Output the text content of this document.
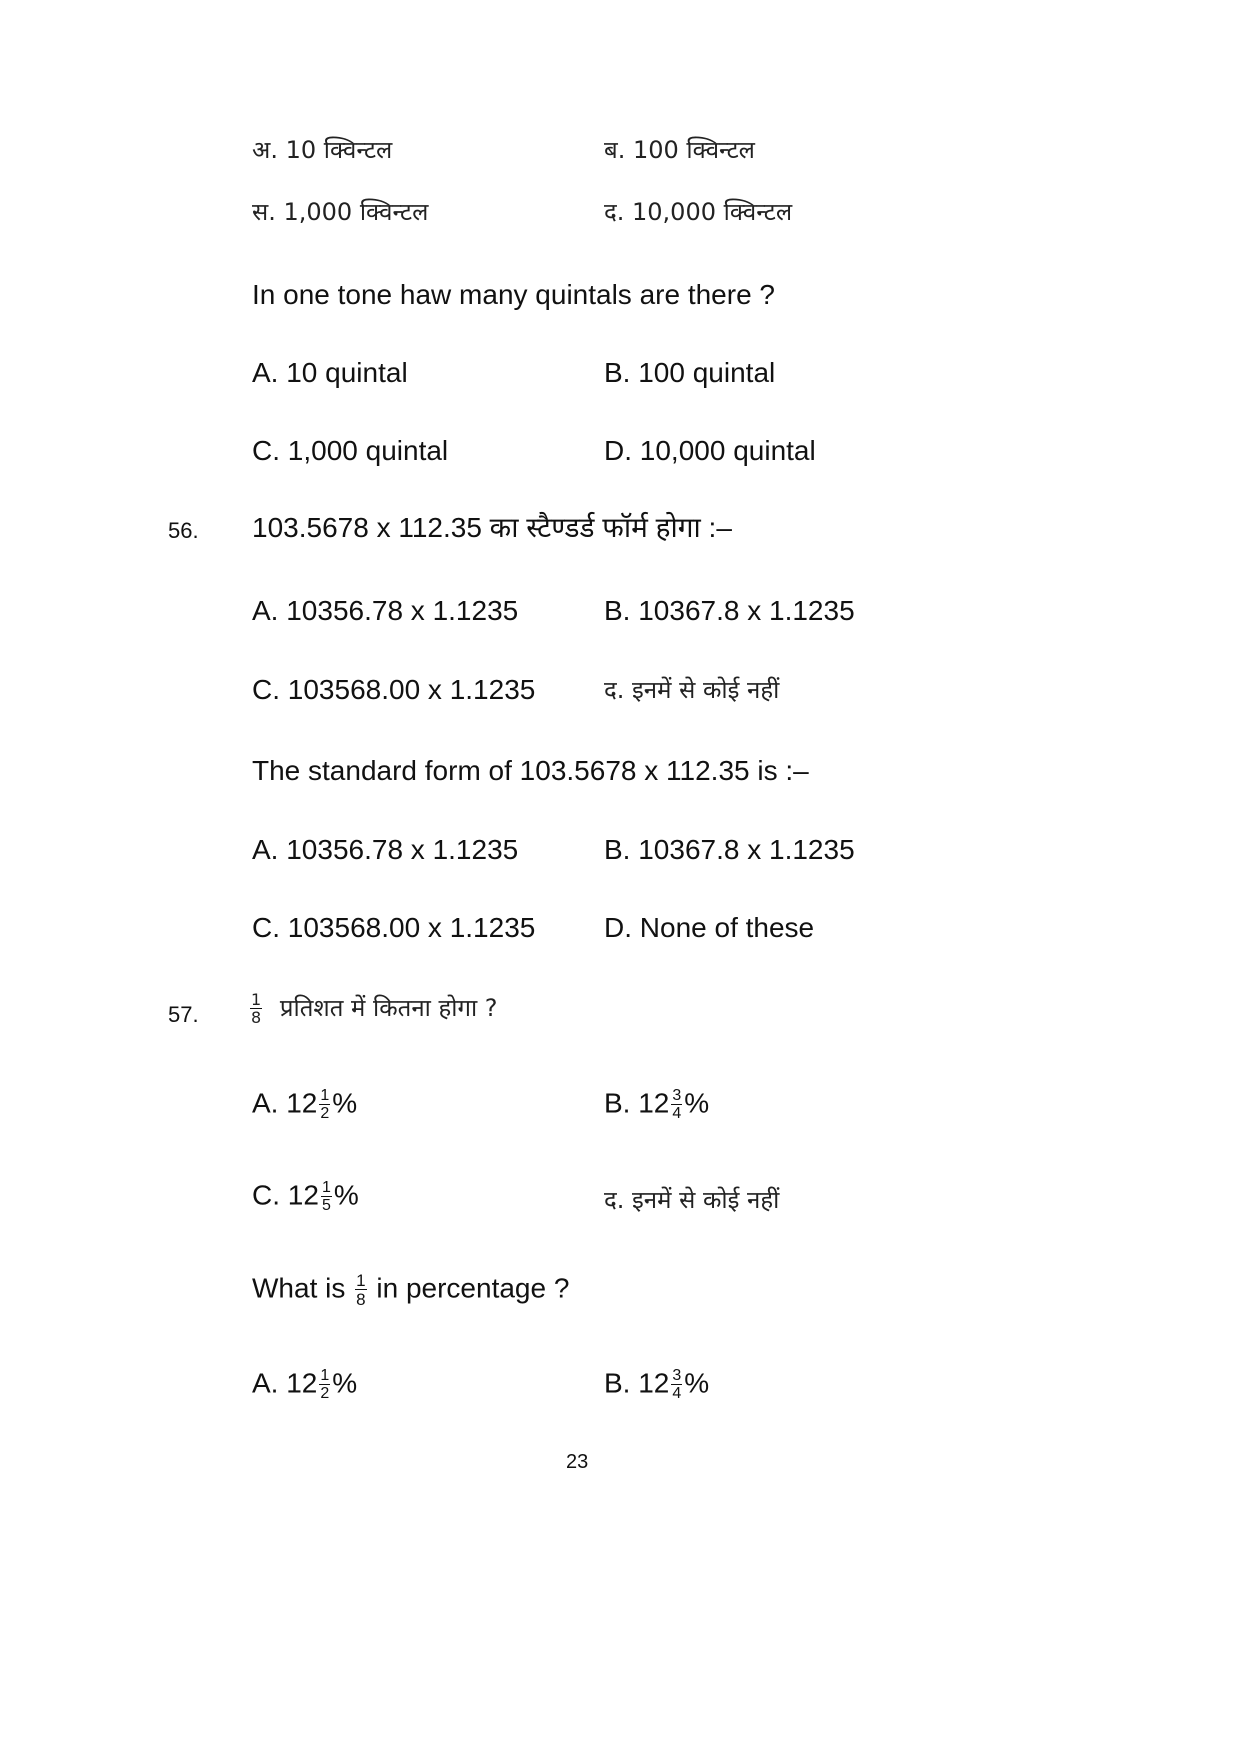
अ. 10 क्विन्टल	ब. 100 क्विन्टल
स. 1,000 क्विन्टल	द. 10,000 क्विन्टल
In one tone haw many quintals are there ?
A. 10 quintal	B. 100 quintal
C. 1,000 quintal	D. 10,000 quintal
56. 103.5678 x 112.35 का स्टैण्डर्ड फॉर्म होगा :–
A. 10356.78 x 1.1235	B. 10367.8 x 1.1235
C. 103568.00 x 1.1235	द. इनमें से कोई नहीं
The standard form of 103.5678 x 112.35 is :–
A. 10356.78 x 1.1235	B. 10367.8 x 1.1235
C. 103568.00 x 1.1235 D. None of these
57.	$\frac{1}{8}$ प्रतिशत में कितना होगा ?
A. $12 \frac{1}{2}$ %	B. $12 \frac{3}{4}$ %
C. $12 \frac{1}{5}$ %	द. इनमें से कोई नहीं
What is $\frac{1}{8}$ in percentage ?
A. $12 \frac{1}{2}$ %	B. $12 \frac{3}{4}$ %
23
